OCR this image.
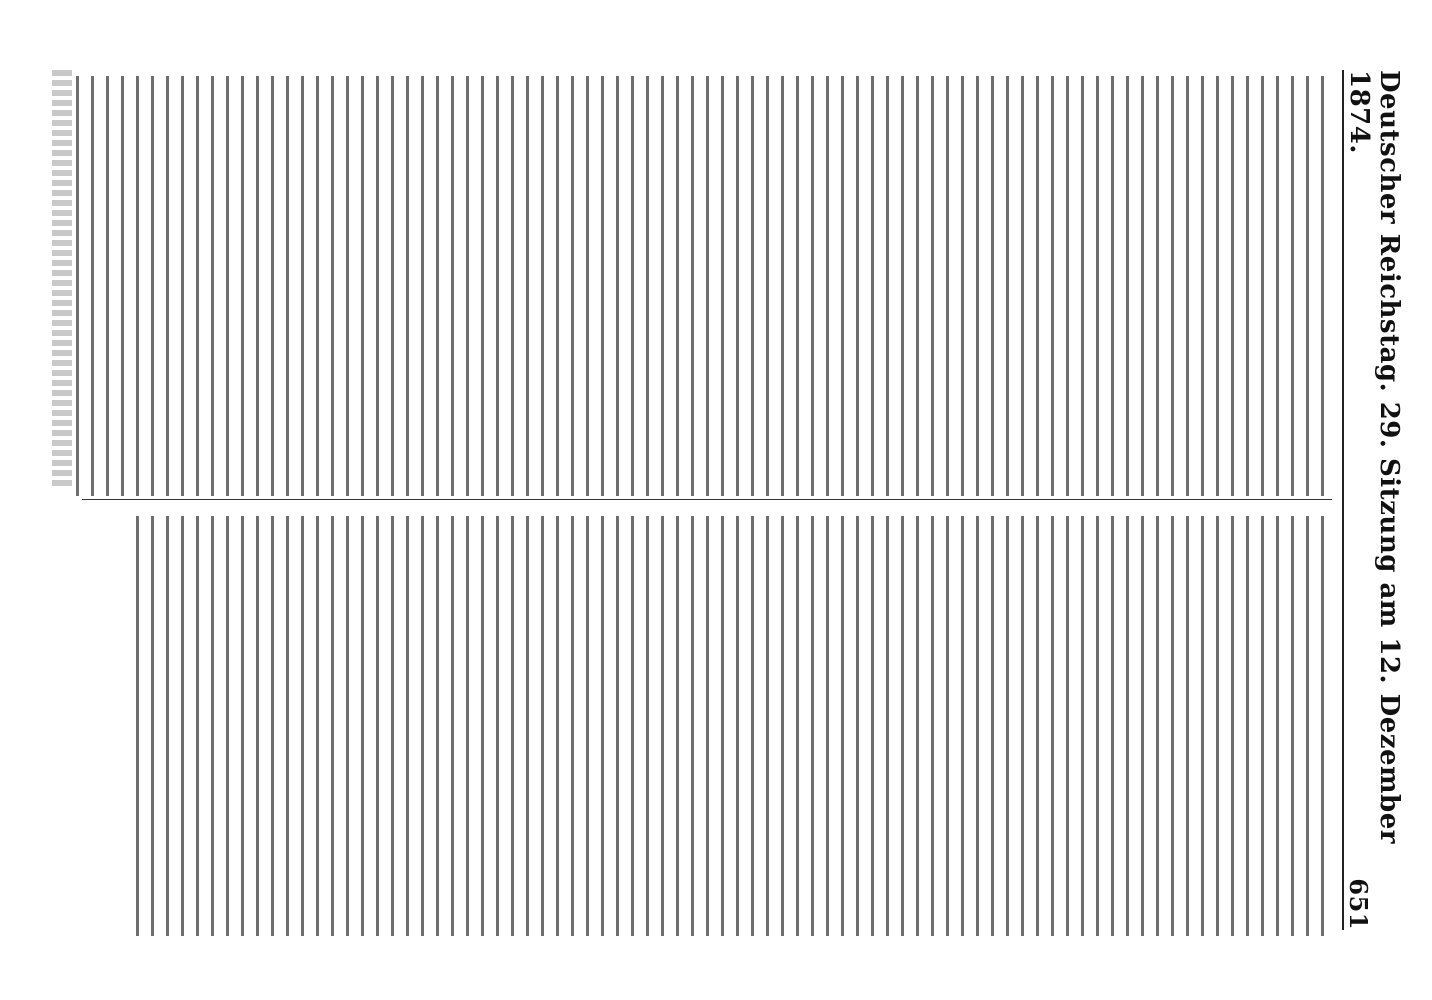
Deutscher Reichstag. 29. Sitzung am 12. Dezember 1874.
651
